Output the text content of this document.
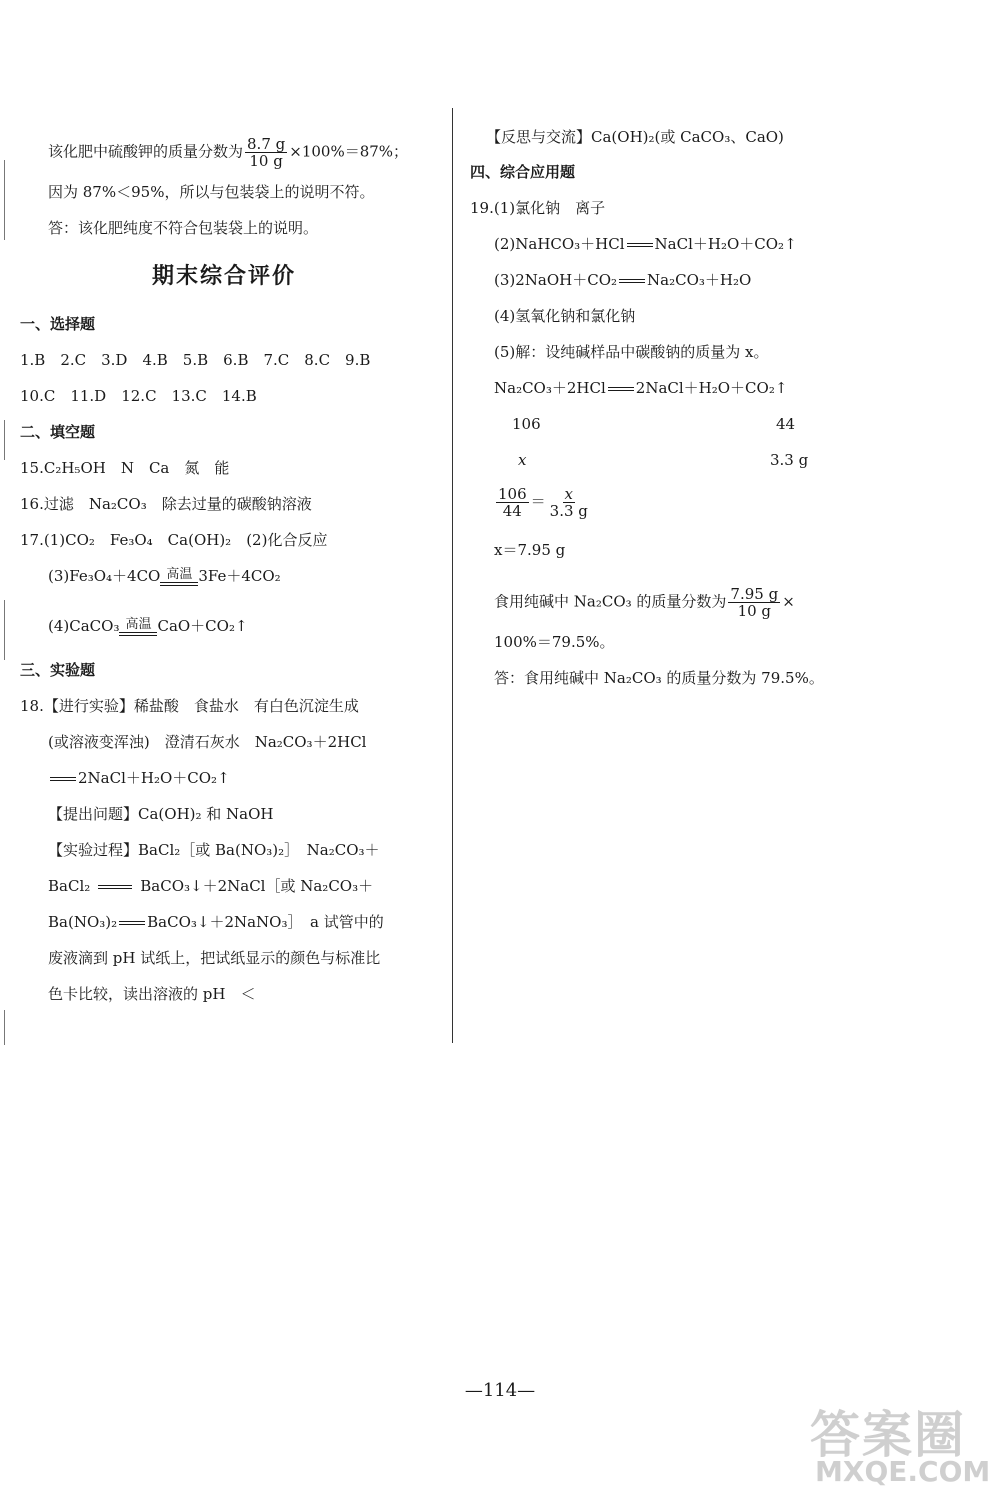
该化肥中硫酸钾的质量分数为 $\frac{8.7 g}{10 g} \times 100\%=87\%$；
因为 87%＜95%，所以与包装袋上的说明不符。
答：该化肥纯度不符合包装袋上的说明。
期末综合评价
一、选择题
1.B　2.C　3.D　4.B　5.B　6.B　7.C　8.C　9.B
10.C　11.D　12.C　13.C　14.B
二、填空题
15.C₂H₅OH　N　Ca　氮　能
16.过滤　Na₂CO₃　除去过量的碳酸钠溶液
17.(1)CO₂　Fe₃O₄　Ca(OH)₂　(2)化合反应
(3)Fe₃O₄＋4CO 高温 3Fe＋4CO₂
(4)CaCO₃ 高温 CaO＋CO₂↑
三、实验题
18.【进行实验】稀盐酸　食盐水　有白色沉淀生成
(或溶液变浑浊)　澄清石灰水　Na₂CO₃＋2HCl
2NaCl＋H₂O＋CO₂↑
【提出问题】Ca(OH)₂ 和 NaOH
【实验过程】BaCl₂［或 Ba(NO₃)₂］　Na₂CO₃＋
BaCl₂	BaCO₃↓＋2NaCl［或 Na₂CO₃＋
Ba(NO₃)₂ BaCO₃↓＋2NaNO₃］　a 试管中的
废液滴到 pH 试纸上，把试纸显示的颜色与标准比
色卡比较，读出溶液的 pH　＜
【反思与交流】Ca(OH)₂(或 CaCO₃、CaO)
四、综合应用题
19.(1)氯化钠　离子
(2)NaHCO₃＋HCl NaCl＋H₂O＋CO₂↑
(3)2NaOH＋CO₂ Na₂CO₃＋H₂O
(4)氢氧化钠和氯化钠
(5)解：设纯碱样品中碳酸钠的质量为 x。
Na₂CO₃＋2HCl 2NaCl＋H₂O＋CO₂↑
106	44
x	3.3 g
$\frac{106}{44} = \frac{x}{3.3 g}$
x＝7.95 g
食用纯碱中 Na₂CO₃ 的质量分数为 $\frac{7.95 g}{10 g}$ ×
100%＝79.5%。
答：食用纯碱中 Na₂CO₃ 的质量分数为 79.5%。
—114—
答案圈
MXQE.COM
